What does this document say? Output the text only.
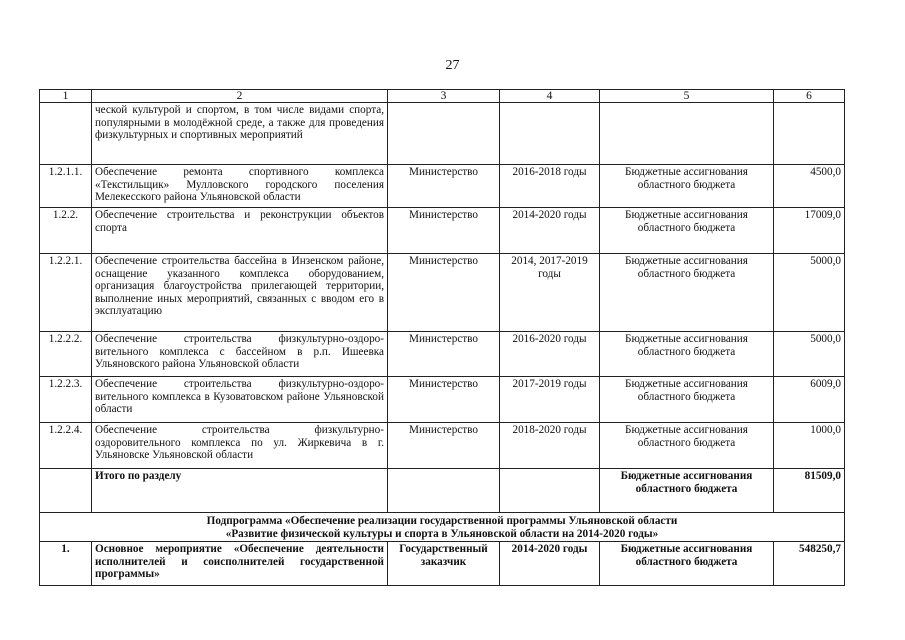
27
1	2	3	4	5	6
	ческой культурой и спортом, в том числе видами спорта, популярными в молодёжной среде, а также для проведения физкультурных и спортивных мероприятий				
1.2.1.1.	Обеспечение ремонта спортивного комплекса «Текстильщик» Мулловского городского поселения Мелекесского района Ульяновской области	Министерство	2016-2018 годы	Бюджетные ассигнования областного бюджета	4500,0
1.2.2.	Обеспечение строительства и реконструкции объектов спорта	Министерство	2014-2020 годы	Бюджетные ассигнования областного бюджета	17009,0
1.2.2.1.	Обеспечение строительства бассейна в Инзенском районе, оснащение указанного комплекса оборудованием, организация благоустройства прилегающей территории, выполнение иных мероприятий, связанных с вводом его в эксплуатацию	Министерство	2014, 2017-2019 годы	Бюджетные ассигнования областного бюджета	5000,0
1.2.2.2.	Обеспечение строительства физкультурно-оздоровительного комплекса с бассейном в р.п. Ишеевка Ульяновского района Ульяновской области	Министерство	2016-2020 годы	Бюджетные ассигнования областного бюджета	5000,0
1.2.2.3.	Обеспечение строительства физкультурно-оздоровительного комплекса в Кузоватовском районе Ульяновской области	Министерство	2017-2019 годы	Бюджетные ассигнования областного бюджета	6009,0
1.2.2.4.	Обеспечение строительства физкультурно-оздоровительного комплекса по ул. Жиркевича в г. Ульяновске Ульяновской области	Министерство	2018-2020 годы	Бюджетные ассигнования областного бюджета	1000,0
	Итого по разделу			Бюджетные ассигнования областного бюджета	81509,0

Подпрограмма «Обеспечение реализации государственной программы Ульяновской области
«Развитие физической культуры и спорта в Ульяновской области на 2014-2020 годы»					

1.	Основное мероприятие «Обеспечение деятельности исполнителей и соисполнителей государственной программы»	Государственный заказчик	2014-2020 годы	Бюджетные ассигнования областного бюджета	548250,7
